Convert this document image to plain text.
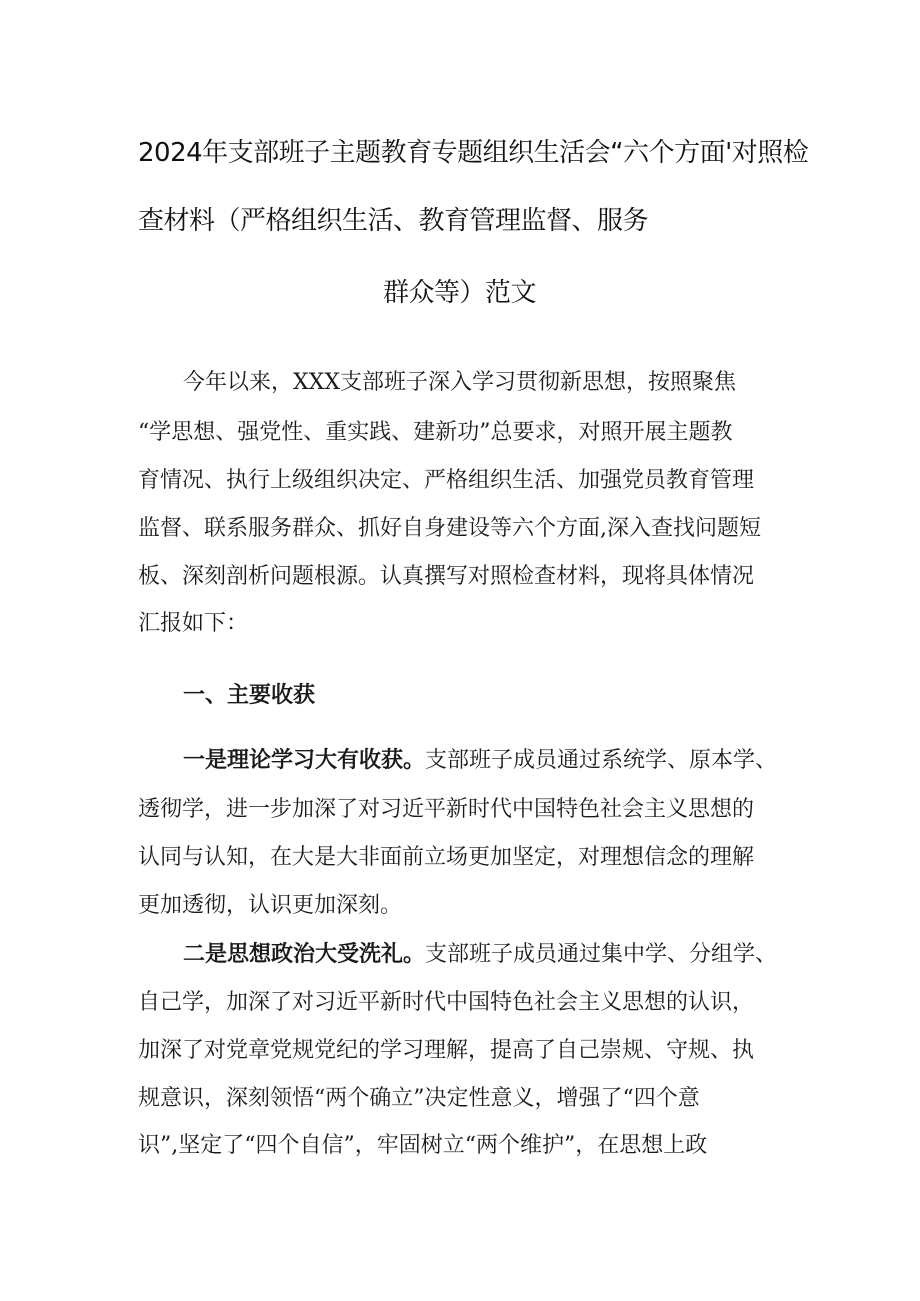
2024年支部班子主题教育专题组织生活会“六个方面'对照检
查材料（严格组织生活、教育管理监督、服务
群众等）范文
今年以来，XXX支部班子深入学习贯彻新思想，按照聚焦
“学思想、强党性、重实践、建新功”总要求，对照开展主题教
育情况、执行上级组织决定、严格组织生活、加强党员教育管理
监督、联系服务群众、抓好自身建设等六个方面,深入查找问题短
板、深刻剖析问题根源。认真撰写对照检查材料，现将具体情况
汇报如下：
一、主要收获
一是理论学习大有收获。支部班子成员通过系统学、原本学、
透彻学，进一步加深了对习近平新时代中国特色社会主义思想的
认同与认知，在大是大非面前立场更加坚定，对理想信念的理解
更加透彻，认识更加深刻。
二是思想政治大受洗礼。支部班子成员通过集中学、分组学、
自己学，加深了对习近平新时代中国特色社会主义思想的认识，
加深了对党章党规党纪的学习理解，提高了自己崇规、守规、执
规意识，深刻领悟“两个确立”决定性意义，增强了“四个意
识”,坚定了“四个自信”，牢固树立“两个维护”，在思想上政
